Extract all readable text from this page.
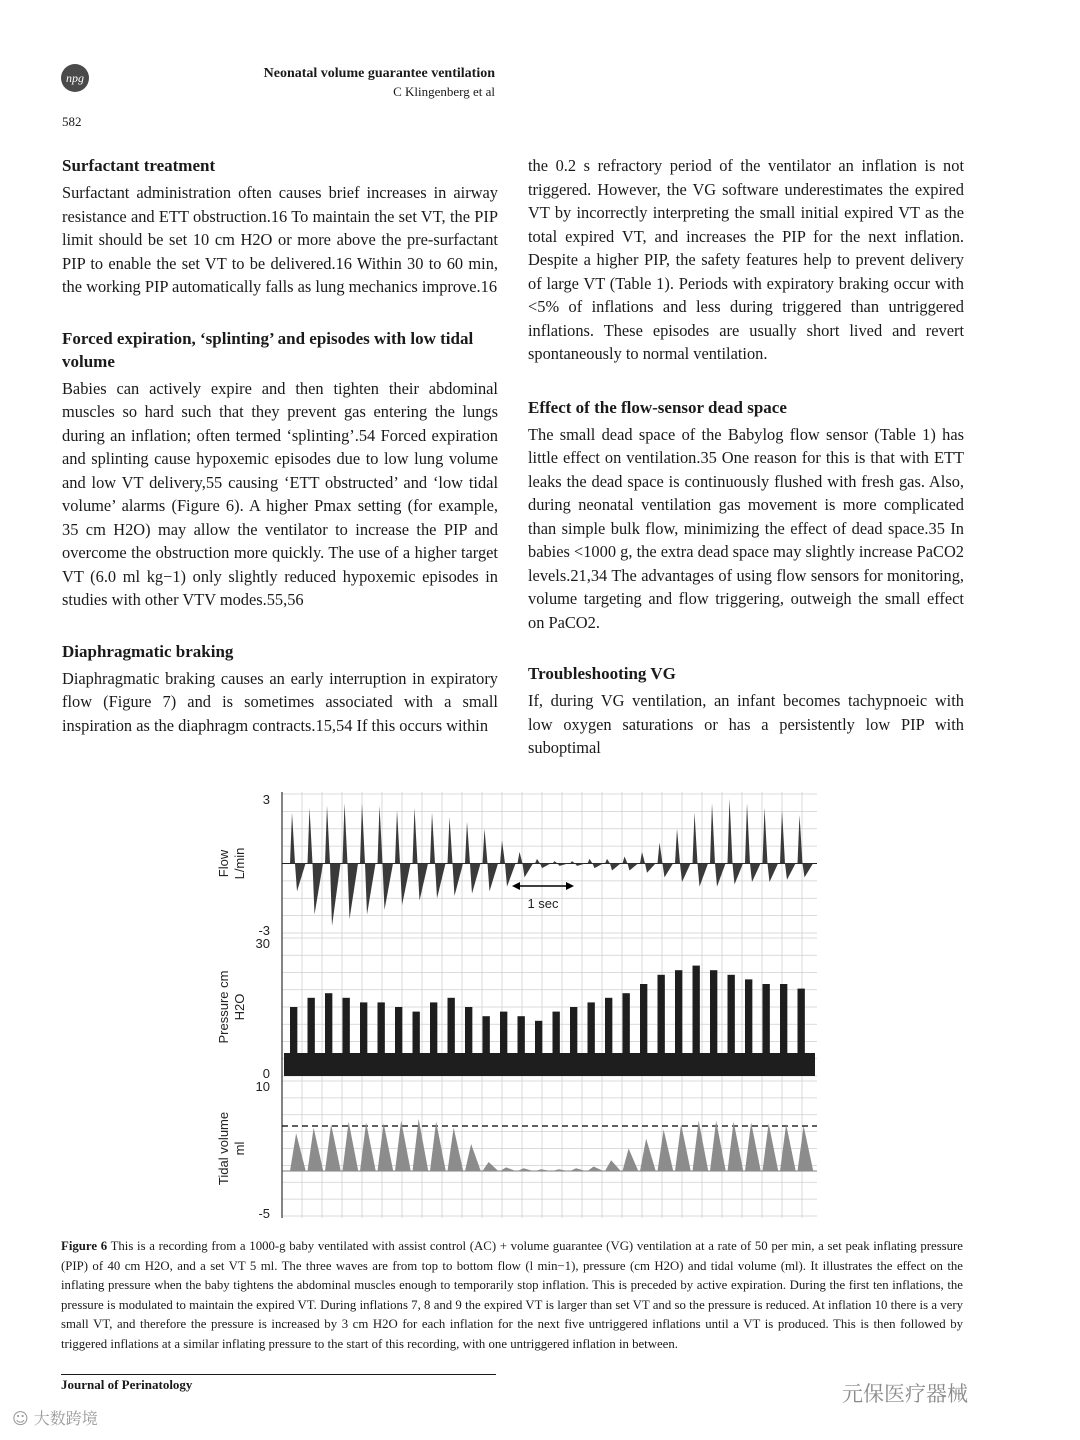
npg	Neonatal volume guarantee ventilation
C Klingenberg et al
582
Surfactant treatment

Surfactant administration often causes brief increases in airway resistance and ETT obstruction.16 To maintain the set VT, the PIP limit should be set 10 cm H2O or more above the pre-surfactant PIP to enable the set VT to be delivered.16 Within 30 to 60 min, the working PIP automatically falls as lung mechanics improve.16

Forced expiration, ‘splinting’ and episodes with low tidal volume

Babies can actively expire and then tighten their abdominal muscles so hard such that they prevent gas entering the lungs during an inflation; often termed ‘splinting’.54 Forced expiration and splinting cause hypoxemic episodes due to low lung volume and low VT delivery,55 causing ‘ETT obstructed’ and ‘low tidal volume’ alarms (Figure 6). A higher Pmax setting (for example, 35 cm H2O) may allow the ventilator to increase the PIP and overcome the obstruction more quickly. The use of a higher target VT (6.0 ml kg−1) only slightly reduced hypoxemic episodes in studies with other VTV modes.55,56

Diaphragmatic braking

Diaphragmatic braking causes an early interruption in expiratory flow (Figure 7) and is sometimes associated with a small inspiration as the diaphragm contracts.15,54 If this occurs within

the 0.2 s refractory period of the ventilator an inflation is not triggered. However, the VG software underestimates the expired VT by incorrectly interpreting the small initial expired VT as the total expired VT, and increases the PIP for the next inflation. Despite a higher PIP, the safety features help to prevent delivery of large VT (Table 1). Periods with expiratory braking occur with <5% of inflations and less during triggered than untriggered inflations. These episodes are usually short lived and revert spontaneously to normal ventilation.

Effect of the flow-sensor dead space

The small dead space of the Babylog flow sensor (Table 1) has little effect on ventilation.35 One reason for this is that with ETT leaks the dead space is continuously flushed with fresh gas. Also, during neonatal ventilation gas movement is more complicated than simple bulk flow, minimizing the effect of dead space.35 In babies <1000 g, the extra dead space may slightly increase PaCO2 levels.21,34 The advantages of using flow sensors for monitoring, volume targeting and flow triggering, outweigh the small effect on PaCO2.

Troubleshooting VG

If, during VG ventilation, an infant becomes tachypnoeic with low oxygen saturations or has a persistently low PIP with suboptimal

Flow L/min
3
-3
Pressure cm H2O
30
0
Tidal volume ml
10
-5
1 sec
Figure 6 This is a recording from a 1000-g baby ventilated with assist control (AC) + volume guarantee (VG) ventilation at a rate of 50 per min, a set peak inflating pressure (PIP) of 40 cm H2O, and a set VT 5 ml. The three waves are from top to bottom flow (l min−1), pressure (cm H2O) and tidal volume (ml). It illustrates the effect on the inflating pressure when the baby tightens the abdominal muscles enough to temporarily stop inflation. This is preceded by active expiration. During the first ten inflations, the pressure is modulated to maintain the expired VT. During inflations 7, 8 and 9 the expired VT is larger than set VT and so the pressure is reduced. At inflation 10 there is a very small VT, and therefore the pressure is increased by 3 cm H2O for each inflation for the next five untriggered inflations until a VT is produced. This is then followed by triggered inflations at a similar inflating pressure to the start of this recording, with one untriggered inflation in between.
Journal of Perinatology
☺ 大数跨境
元保医疗器械
